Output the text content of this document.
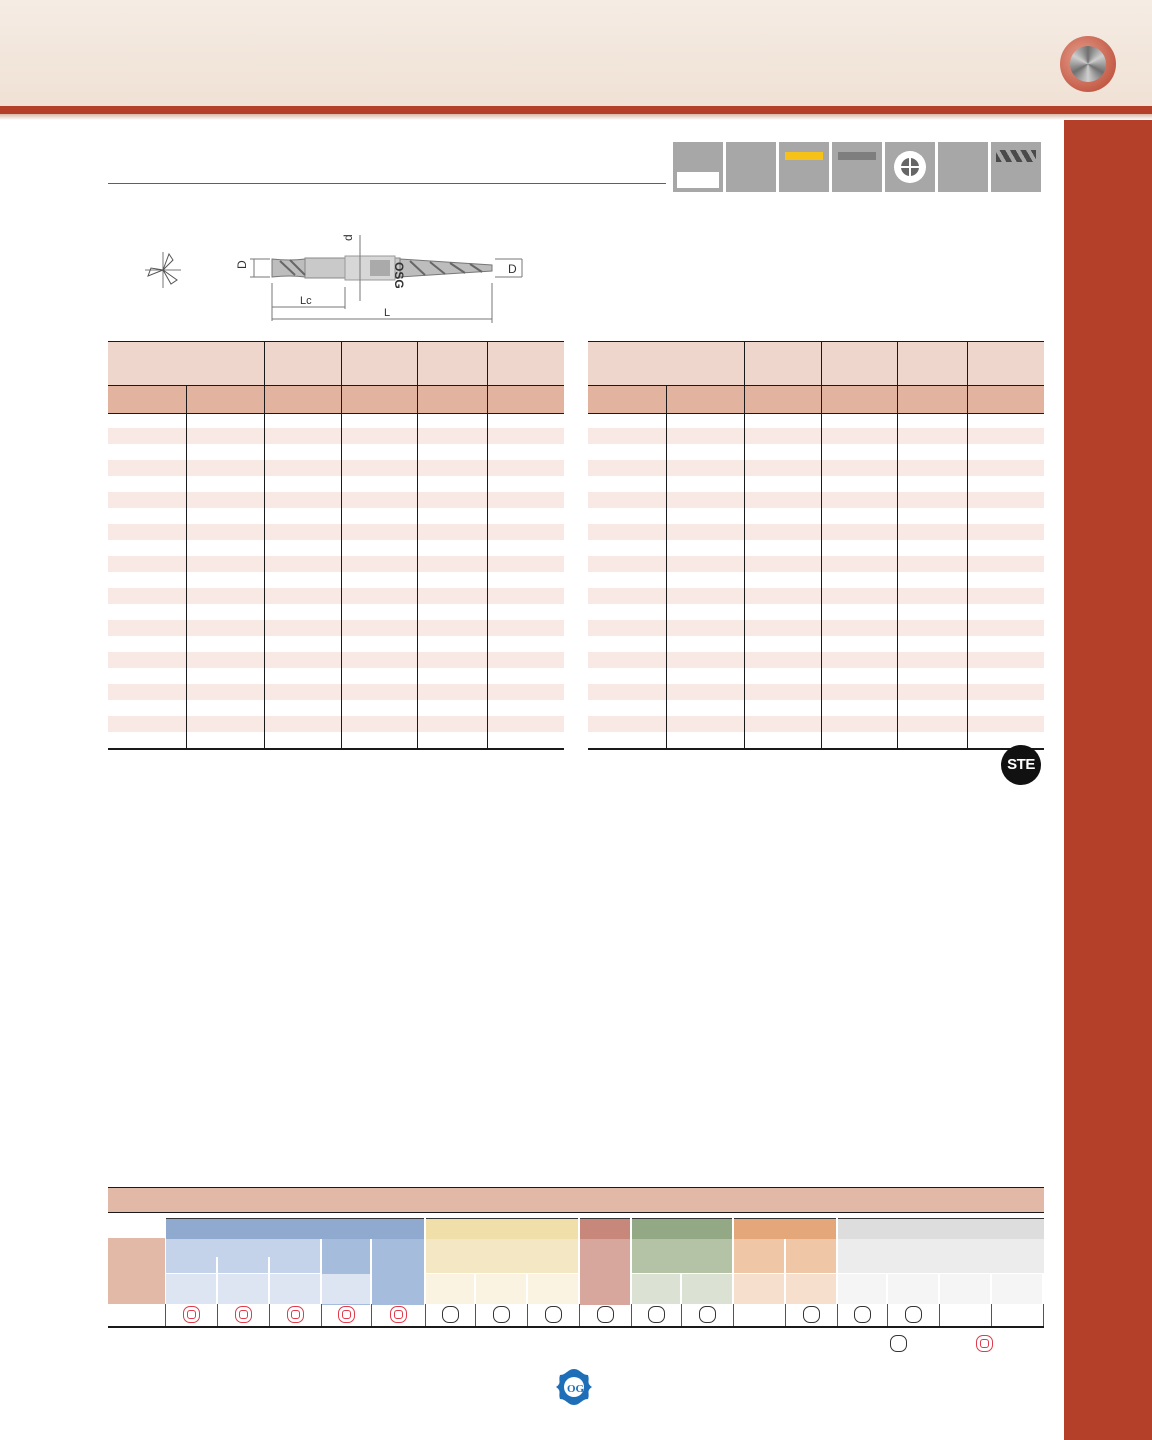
OSG
d
D	D
Lc
L

STE
OG
